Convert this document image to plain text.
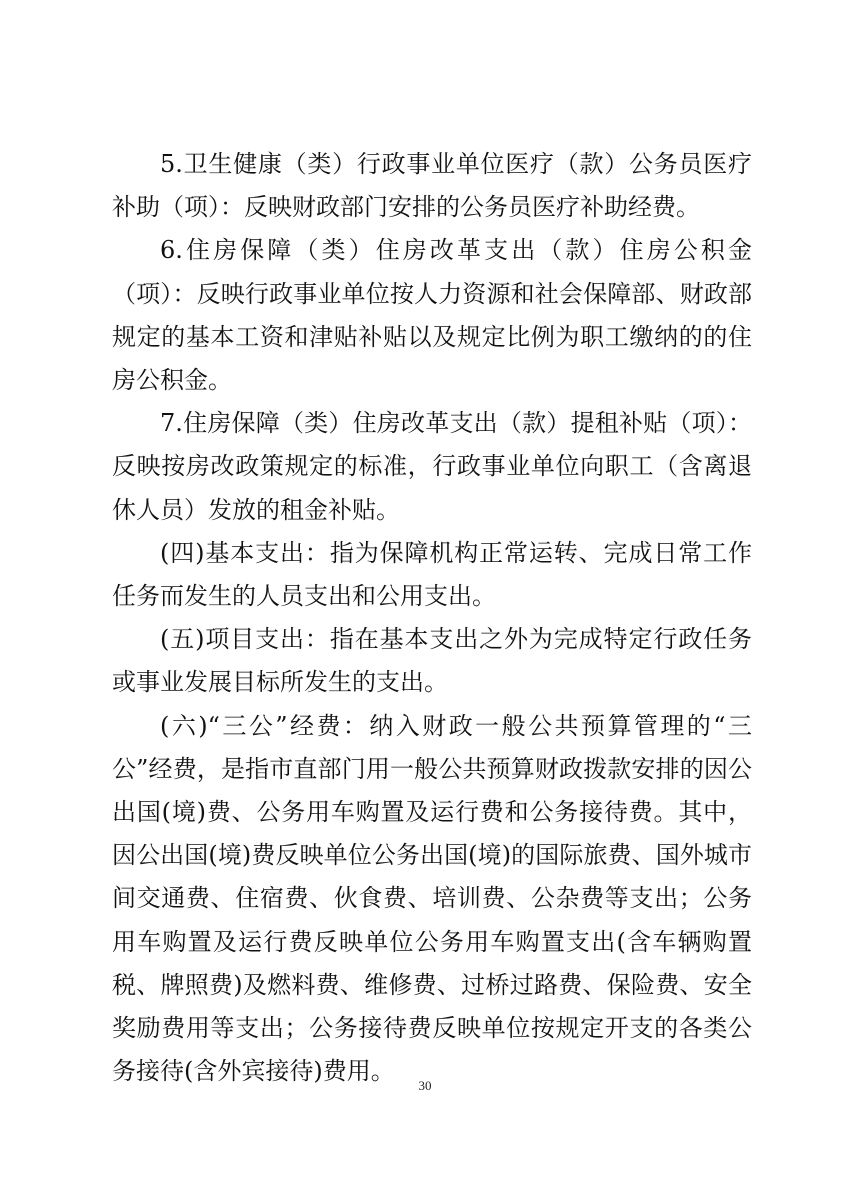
5.卫生健康（类）行政事业单位医疗（款）公务员医疗补助（项）：反映财政部门安排的公务员医疗补助经费。

6.住房保障（类）住房改革支出（款）住房公积金（项）：反映行政事业单位按人力资源和社会保障部、财政部规定的基本工资和津贴补贴以及规定比例为职工缴纳的的住房公积金。

7.住房保障（类）住房改革支出（款）提租补贴（项）：反映按房改政策规定的标准，行政事业单位向职工（含离退休人员）发放的租金补贴。

(四)基本支出：指为保障机构正常运转、完成日常工作任务而发生的人员支出和公用支出。

(五)项目支出：指在基本支出之外为完成特定行政任务或事业发展目标所发生的支出。

(六)“三公”经费：纳入财政一般公共预算管理的“三公”经费，是指市直部门用一般公共预算财政拨款安排的因公出国(境)费、公务用车购置及运行费和公务接待费。其中，因公出国(境)费反映单位公务出国(境)的国际旅费、国外城市间交通费、住宿费、伙食费、培训费、公杂费等支出；公务用车购置及运行费反映单位公务用车购置支出(含车辆购置税、牌照费)及燃料费、维修费、过桥过路费、保险费、安全奖励费用等支出；公务接待费反映单位按规定开支的各类公务接待(含外宾接待)费用。

30
